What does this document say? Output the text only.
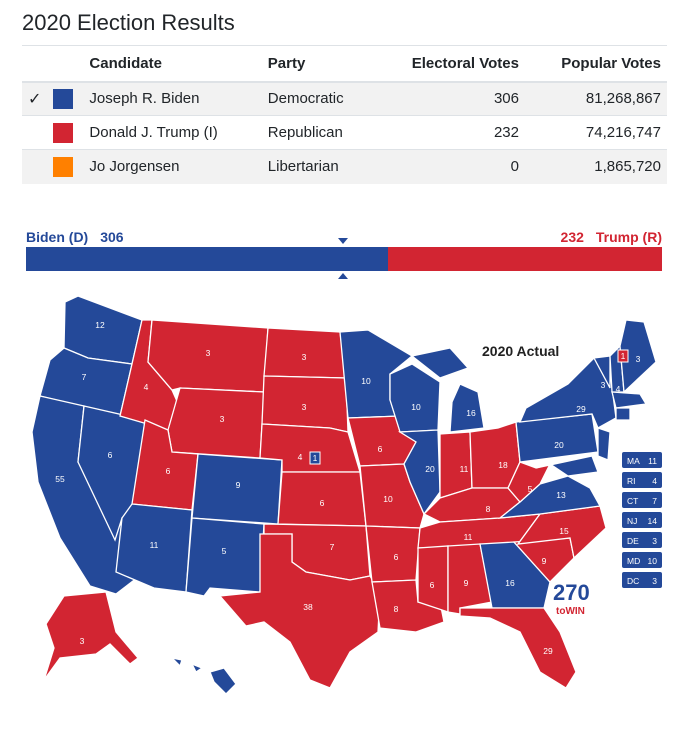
2020 Election Results
		Candidate	Party	Electoral Votes	Popular Votes
✓		Joseph R. Biden	Democratic	306	81,268,867
		Donald J. Trump (I)	Republican	232	74,216,747
		Jo Jorgensen	Libertarian	0	1,865,720
Biden (D) 306	232 Trump (R)
12
7
55
6
4
3
3
6
11
9
5
3
3
4 1
6
7
38
10
6
10
6
8
10
20
16
11	18
8
11
6	9	16
29
9
15
13
5
20
29
3 4
1 3
3
4
2020 Actual
270
toWIN
MA 11
RI 4
CT 7
NJ 14
DE 3
MD 10
DC 3
